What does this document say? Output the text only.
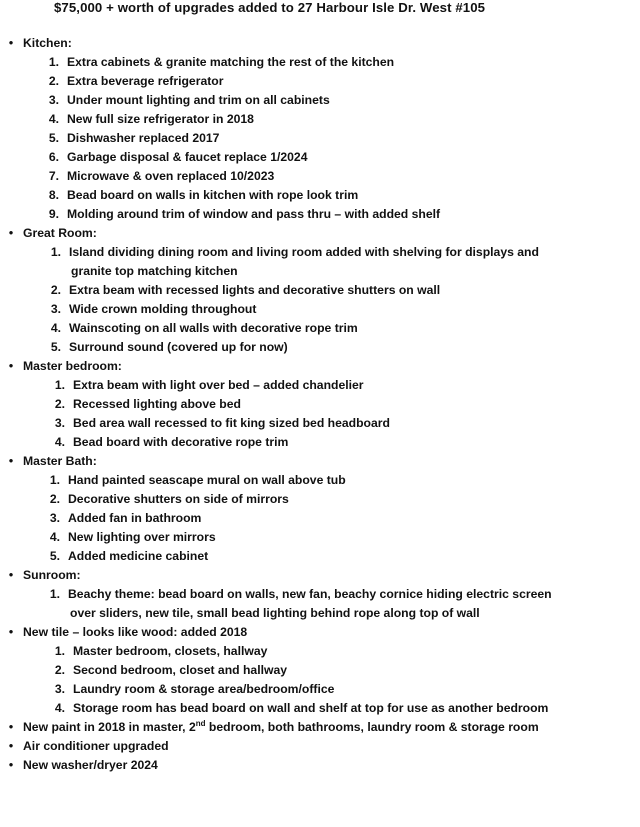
$75,000 + worth of upgrades added to 27 Harbour Isle Dr. West #105
• Kitchen:
1. Extra cabinets & granite matching the rest of the kitchen
2. Extra beverage refrigerator
3. Under mount lighting and trim on all cabinets
4. New full size refrigerator in 2018
5. Dishwasher replaced 2017
6. Garbage disposal & faucet replace 1/2024
7. Microwave & oven replaced 10/2023
8. Bead board on walls in kitchen with rope look trim
9. Molding around trim of window and pass thru – with added shelf
• Great Room:
1. Island dividing dining room and living room added with shelving for displays and
granite top matching kitchen
2. Extra beam with recessed lights and decorative shutters on wall
3. Wide crown molding throughout
4. Wainscoting on all walls with decorative rope trim
5. Surround sound (covered up for now)
• Master bedroom:
1. Extra beam with light over bed – added chandelier
2. Recessed lighting above bed
3. Bed area wall recessed to fit king sized bed headboard
4. Bead board with decorative rope trim
• Master Bath:
1. Hand painted seascape mural on wall above tub
2. Decorative shutters on side of mirrors
3. Added fan in bathroom
4. New lighting over mirrors
5. Added medicine cabinet
• Sunroom:
1. Beachy theme: bead board on walls, new fan, beachy cornice hiding electric screen
over sliders, new tile, small bead lighting behind rope along top of wall
• New tile – looks like wood: added 2018
1. Master bedroom, closets, hallway
2. Second bedroom, closet and hallway
3. Laundry room & storage area/bedroom/office
4. Storage room has bead board on wall and shelf at top for use as another bedroom
• New paint in 2018 in master, 2nd bedroom, both bathrooms, laundry room & storage room
• Air conditioner upgraded
• New washer/dryer 2024
